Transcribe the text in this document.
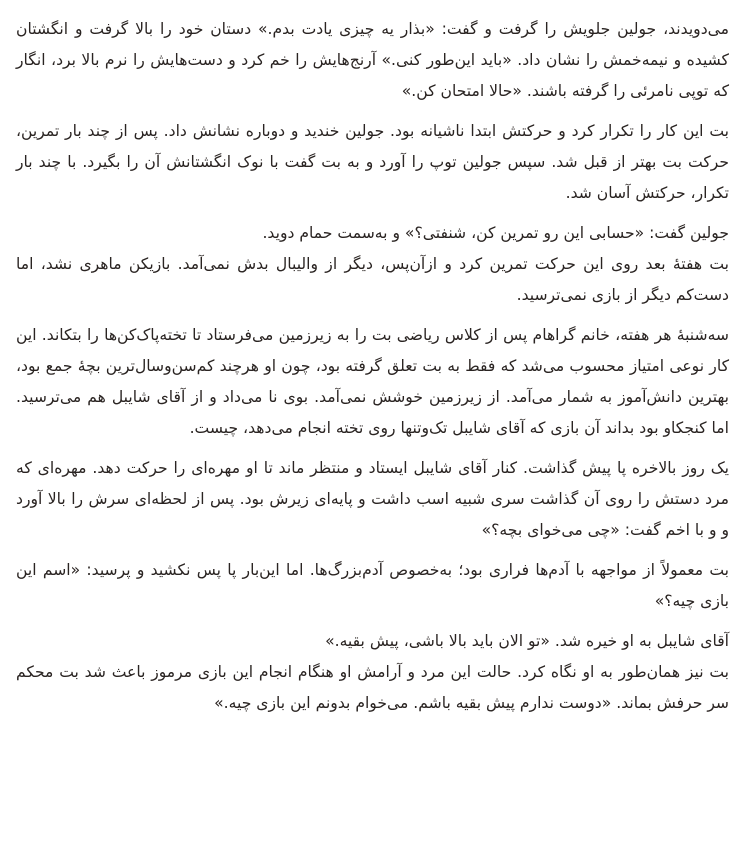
می‌دویدند، جولین جلویش را گرفت و گفت: «بذار یه چیزی یادت بدم.» دستان خود را بالا گرفت و انگشتان کشیده و نیمه‌خمش را نشان داد. «باید این‌طور کنی.» آرنج‌هایش را خم کرد و دست‌هایش را نرم بالا برد، انگار که توپی نامرئی را گرفته باشند. «حالا امتحان کن.»

بت این کار را تکرار کرد و حرکتش ابتدا ناشیانه بود. جولین خندید و دوباره نشانش داد. پس از چند بار تمرین، حرکت بت بهتر از قبل شد. سپس جولین توپ را آورد و به بت گفت با نوک انگشتانش آن را بگیرد. با چند بار تکرار، حرکتش آسان شد.

جولین گفت: «حسابی این رو تمرین کن، شنفتی؟» و به‌سمت حمام دوید.

بت هفتهٔ بعد روی این حرکت تمرین کرد و ازآن‌پس، دیگر از والیبال بدش نمی‌آمد. بازیکن ماهری نشد، اما دست‌کم دیگر از بازی نمی‌ترسید.

سه‌شنبهٔ هر هفته، خانم گراهام پس از کلاس ریاضی بت را به زیرزمین می‌فرستاد تا تخته‌پاک‌کن‌ها را بتکاند. این کار نوعی امتیاز محسوب می‌شد که فقط به بت تعلق گرفته بود، چون او هرچند کم‌سن‌وسال‌ترین بچهٔ جمع بود، بهترین دانش‌آموز به شمار می‌آمد. از زیرزمین خوشش نمی‌آمد. بوی نا می‌داد و از آقای شایبل هم می‌ترسید. اما کنجکاو بود بداند آن بازی که آقای شایبل تک‌وتنها روی تخته انجام می‌دهد، چیست.

یک روز بالاخره پا پیش گذاشت. کنار آقای شایبل ایستاد و منتظر ماند تا او مهره‌ای را حرکت دهد. مهره‌ای که مرد دستش را روی آن گذاشت سری شبیه اسب داشت و پایه‌ای زیرش بود. پس از لحظه‌ای سرش را بالا آورد و و با اخم گفت: «چی می‌خوای بچه؟»

بت معمولاً از مواجهه با آدم‌ها فراری بود؛ به‌خصوص آدم‌بزرگ‌ها. اما این‌بار پا پس نکشید و پرسید: «اسم این بازی چیه؟»

آقای شایبل به او خیره شد. «تو الان باید بالا باشی، پیش بقیه.»

بت نیز همان‌طور به او نگاه کرد. حالت این مرد و آرامش او هنگام انجام این بازی مرموز باعث شد بت محکم سر حرفش بماند. «دوست ندارم پیش بقیه باشم. می‌خوام بدونم این بازی چیه.»
